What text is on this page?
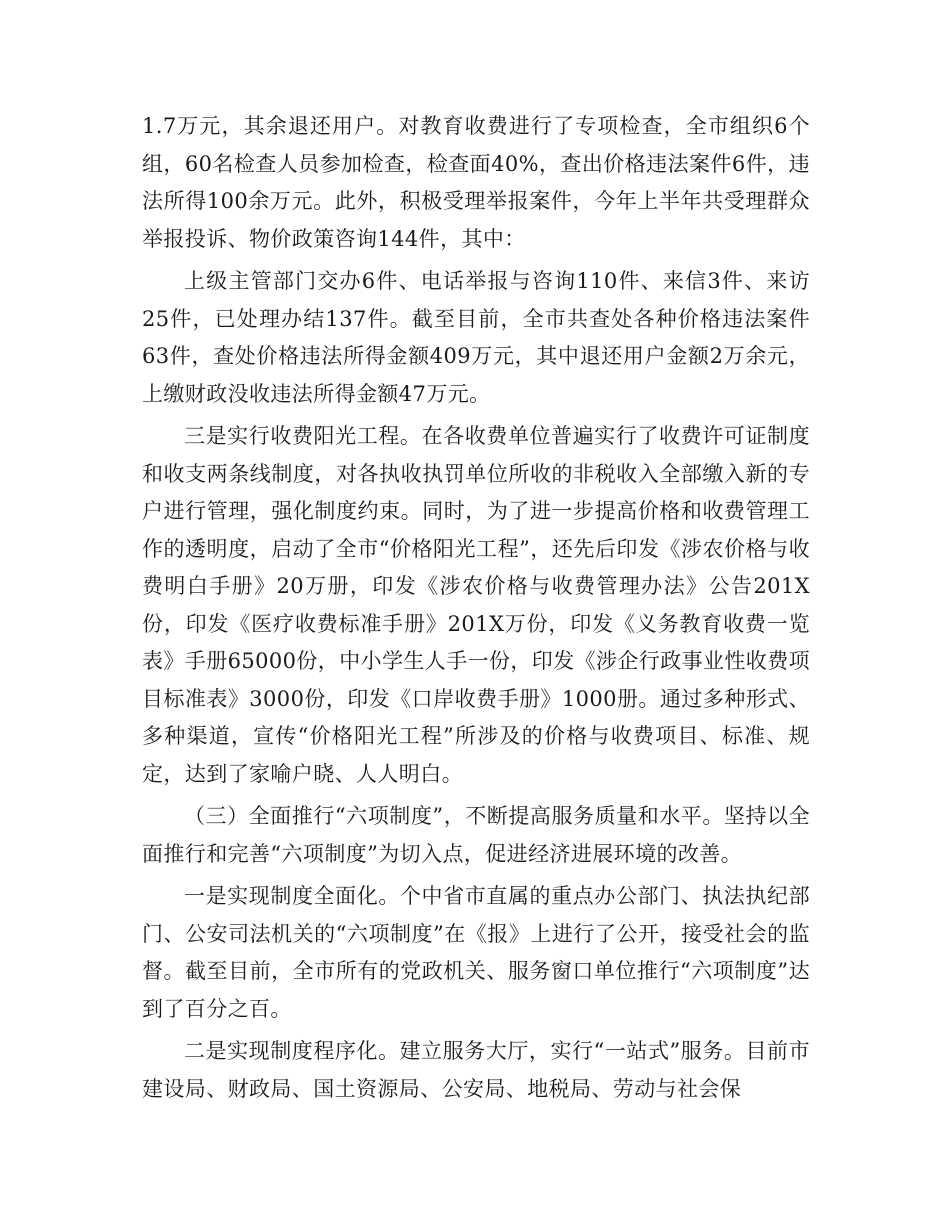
1.7万元，其余退还用户。对教育收费进行了专项检查，全市组织6个组，60名检查人员参加检查，检查面40%，查出价格违法案件6件，违法所得100余万元。此外，积极受理举报案件，今年上半年共受理群众举报投诉、物价政策咨询144件，其中：

上级主管部门交办6件、电话举报与咨询110件、来信3件、来访25件，已处理办结137件。截至目前，全市共查处各种价格违法案件63件，查处价格违法所得金额409万元，其中退还用户金额2万余元，上缴财政没收违法所得金额47万元。

三是实行收费阳光工程。在各收费单位普遍实行了收费许可证制度和收支两条线制度，对各执收执罚单位所收的非税收入全部缴入新的专户进行管理，强化制度约束。同时，为了进一步提高价格和收费管理工作的透明度，启动了全市“价格阳光工程”，还先后印发《涉农价格与收费明白手册》20万册，印发《涉农价格与收费管理办法》公告201X份，印发《医疗收费标准手册》201X万份，印发《义务教育收费一览表》手册65000份，中小学生人手一份，印发《涉企行政事业性收费项目标准表》3000份，印发《口岸收费手册》1000册。通过多种形式、多种渠道，宣传“价格阳光工程”所涉及的价格与收费项目、标准、规定，达到了家喻户晓、人人明白。

（三）全面推行“六项制度”，不断提高服务质量和水平。坚持以全面推行和完善“六项制度”为切入点，促进经济进展环境的改善。

一是实现制度全面化。个中省市直属的重点办公部门、执法执纪部门、公安司法机关的“六项制度”在《报》上进行了公开，接受社会的监督。截至目前，全市所有的党政机关、服务窗口单位推行“六项制度”达到了百分之百。

二是实现制度程序化。建立服务大厅，实行“一站式”服务。目前市建设局、财政局、国土资源局、公安局、地税局、劳动与社会保
